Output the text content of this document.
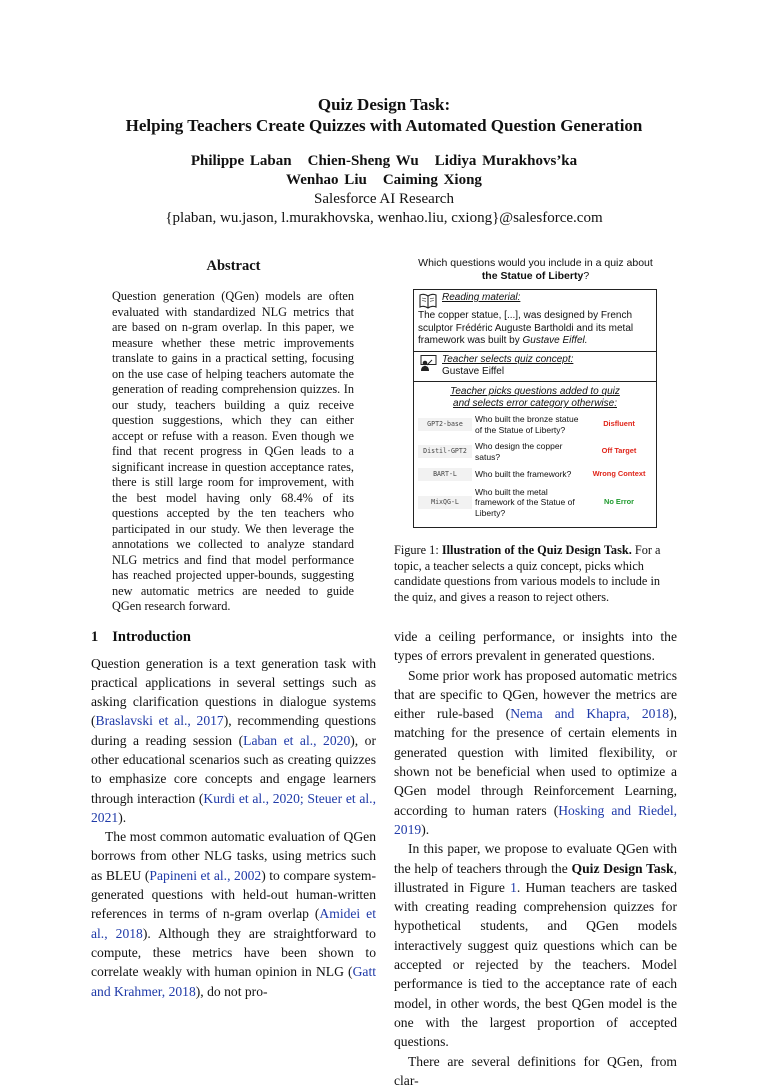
Quiz Design Task:
Helping Teachers Create Quizzes with Automated Question Generation
Philippe Laban Chien-Sheng Wu Lidiya Murakhovs’ka
Wenhao Liu Caiming Xiong
Salesforce AI Research
{plaban, wu.jason, l.murakhovska, wenhao.liu, cxiong}@salesforce.com
Abstract
Question generation (QGen) models are often evaluated with standardized NLG metrics that are based on n-gram overlap. In this paper, we measure whether these metric improvements translate to gains in a practical setting, focusing on the use case of helping teachers automate the generation of reading comprehension quizzes. In our study, teachers building a quiz receive question suggestions, which they can either accept or refuse with a reason. Even though we find that recent progress in QGen leads to a significant increase in question acceptance rates, there is still large room for improvement, with the best model having only 68.4% of its questions accepted by the ten teachers who participated in our study. We then leverage the annotations we collected to analyze standard NLG metrics and find that model performance has reached projected upper-bounds, suggesting new automatic metrics are needed to guide QGen research forward.
1 Introduction

Question generation is a text generation task with practical applications in several settings such as asking clarification questions in dialogue systems (Braslavski et al., 2017), recommending questions during a reading session (Laban et al., 2020), or other educational scenarios such as creating quizzes to emphasize core concepts and engage learners through interaction (Kurdi et al., 2020; Steuer et al., 2021).

The most common automatic evaluation of QGen borrows from other NLG tasks, using metrics such as BLEU (Papineni et al., 2002) to compare system-generated questions with held-out human-written references in terms of n-gram overlap (Amidei et al., 2018). Although they are straightforward to compute, these metrics have been shown to correlate weakly with human opinion in NLG (Gatt and Krahmer, 2018), do not pro-

Which questions would you include in a quiz about
the Statue of Liberty?
Reading material:
The copper statue, [...], was designed by French sculptor Frédéric Auguste Bartholdi and its metal framework was built by Gustave Eiffel.
Teacher selects quiz concept:
Gustave Eiffel
Teacher picks questions added to quiz
and selects error category otherwise:
GPT2-base
Who built the bronze statue of the Statue of Liberty?
Disfluent
Distil-GPT2
Who design the copper satus?
Off Target
BART-L	Who built the framework?	Wrong Context
MixQG-L
Who built the metal framework of the Statue of Liberty?
No Error
Figure 1: Illustration of the Quiz Design Task. For a topic, a teacher selects a quiz concept, picks which candidate questions from various models to include in the quiz, and gives a reason to reject others.

vide a ceiling performance, or insights into the types of errors prevalent in generated questions.

Some prior work has proposed automatic metrics that are specific to QGen, however the metrics are either rule-based (Nema and Khapra, 2018), matching for the presence of certain elements in generated question with limited flexibility, or shown not be beneficial when used to optimize a QGen model through Reinforcement Learning, according to human raters (Hosking and Riedel, 2019).

In this paper, we propose to evaluate QGen with the help of teachers through the Quiz Design Task, illustrated in Figure 1. Human teachers are tasked with creating reading comprehension quizzes for hypothetical students, and QGen models interactively suggest quiz questions which can be accepted or rejected by the teachers. Model performance is tied to the acceptance rate of each model, in other words, the best QGen model is the one with the largest proportion of accepted questions.

There are several definitions for QGen, from clar-
